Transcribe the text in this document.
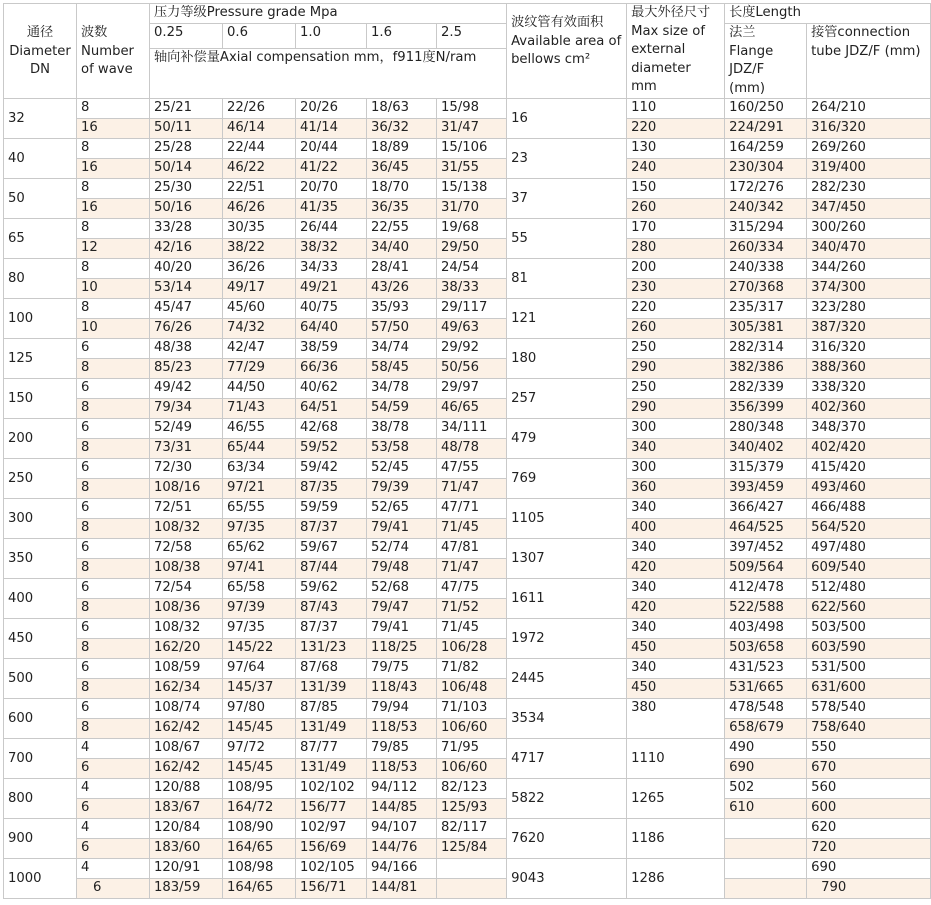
通径 Diameter DN	波数 Number of wave	压力等级Pressure grade Mpa					波纹管有效面积 Available area of bellows cm²	最大外径尺寸 Max size of external diameter mm	长度Length	
		0.25	0.6	1.0	1.6	2.5			法兰 Flange JDZ/F (mm)	接管connection tube JDZ/F (mm)
		轴向补偿量Axial compensation mm，f911度N/ram								
32	8	25/21	22/26	20/26	18/63	15/98	16	110	160/250	264/210
	16	50/11	46/14	41/14	36/32	31/47		220	224/291	316/320
40	8	25/28	22/44	20/44	18/89	15/106	23	130	164/259	269/260
	16	50/14	46/22	41/22	36/45	31/55		240	230/304	319/400
50	8	25/30	22/51	20/70	18/70	15/138	37	150	172/276	282/230
	16	50/16	46/26	41/35	36/35	31/70		260	240/342	347/450
65	8	33/28	30/35	26/44	22/55	19/68	55	170	315/294	300/260
	12	42/16	38/22	38/32	34/40	29/50		280	260/334	340/470
80	8	40/20	36/26	34/33	28/41	24/54	81	200	240/338	344/260
	10	53/14	49/17	49/21	43/26	38/33		230	270/368	374/300
100	8	45/47	45/60	40/75	35/93	29/117	121	220	235/317	323/280
	10	76/26	74/32	64/40	57/50	49/63		260	305/381	387/320
125	6	48/38	42/47	38/59	34/74	29/92	180	250	282/314	316/320
	8	85/23	77/29	66/36	58/45	50/56		290	382/386	388/360
150	6	49/42	44/50	40/62	34/78	29/97	257	250	282/339	338/320
	8	79/34	71/43	64/51	54/59	46/65		290	356/399	402/360
200	6	52/49	46/55	42/68	38/78	34/111	479	300	280/348	348/370
	8	73/31	65/44	59/52	53/58	48/78		340	340/402	402/420
250	6	72/30	63/34	59/42	52/45	47/55	769	300	315/379	415/420
	8	108/16	97/21	87/35	79/39	71/47		360	393/459	493/460
300	6	72/51	65/55	59/59	52/65	47/71	1105	340	366/427	466/488
	8	108/32	97/35	87/37	79/41	71/45		400	464/525	564/520
350	6	72/58	65/62	59/67	52/74	47/81	1307	340	397/452	497/480
	8	108/38	97/41	87/44	79/48	71/47		420	509/564	609/540
400	6	72/54	65/58	59/62	52/68	47/75	1611	340	412/478	512/480
	8	108/36	97/39	87/43	79/47	71/52		420	522/588	622/560
450	6	108/32	97/35	87/37	79/41	71/45	1972	340	403/498	503/500
	8	162/20	145/22	131/23	118/25	106/28		450	503/658	603/590
500	6	108/59	97/64	87/68	79/75	71/82	2445	340	431/523	531/500
	8	162/34	145/37	131/39	118/43	106/48		450	531/665	631/600
600	6	108/74	97/80	87/85	79/94	71/103	3534	380	478/548	578/540
	8	162/42	145/45	131/49	118/53	106/60			658/679	758/640
700	4	108/67	97/72	87/77	79/85	71/95	4717	1110	490	550
	6	162/42	145/45	131/49	118/53	106/60			690	670
800	4	120/88	108/95	102/102	94/112	82/123	5822	1265	502	560
	6	183/67	164/72	156/77	144/85	125/93			610	600
900	4	120/84	108/90	102/97	94/107	82/117	7620	1186		620
	6	183/60	164/65	156/69	144/76	125/84				720
1000	4	120/91	108/98	102/105	94/166		9043	1286		690
	6	183/59	164/65	156/71	144/81					790
